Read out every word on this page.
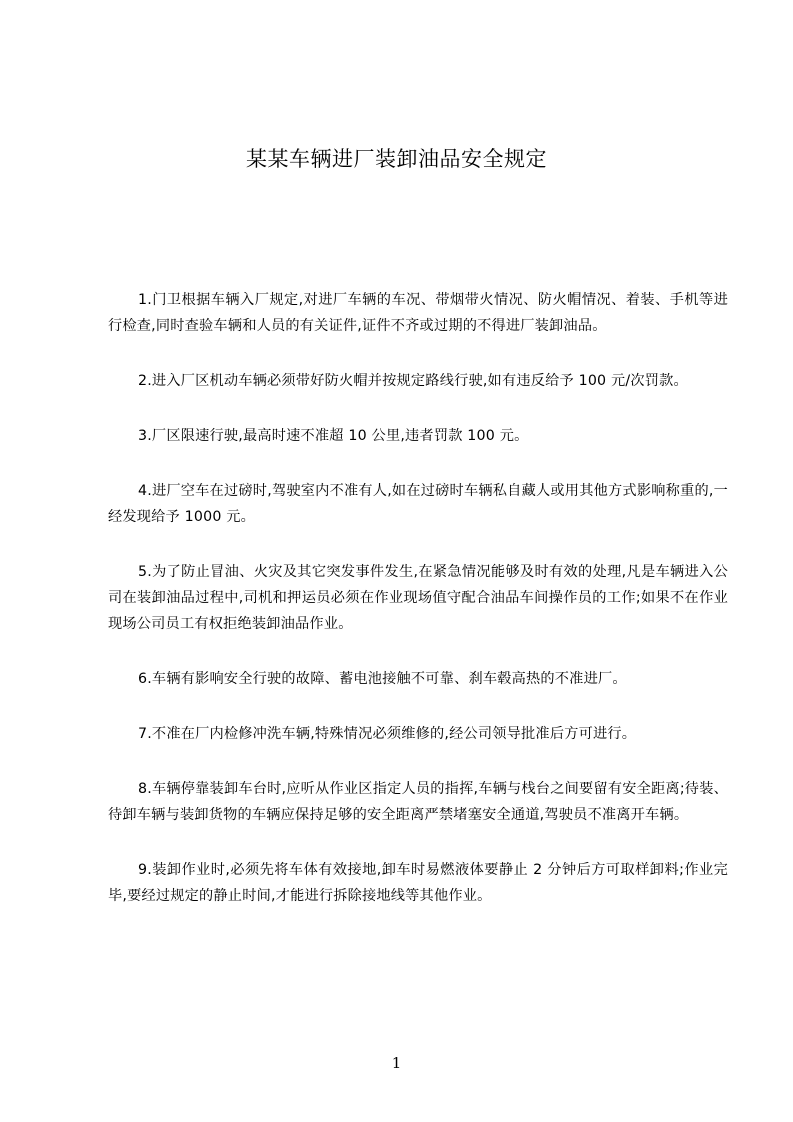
某某车辆进厂装卸油品安全规定

1.门卫根据车辆入厂规定,对进厂车辆的车况、带烟带火情况、防火帽情况、着装、手机等进行检查,同时查验车辆和人员的有关证件,证件不齐或过期的不得进厂装卸油品。

2.进入厂区机动车辆必须带好防火帽并按规定路线行驶,如有违反给予 100 元/次罚款。

3.厂区限速行驶,最高时速不准超 10 公里,违者罚款 100 元。

4.进厂空车在过磅时,驾驶室内不准有人,如在过磅时车辆私自藏人或用其他方式影响称重的,一经发现给予 1000 元。

5.为了防止冒油、火灾及其它突发事件发生,在紧急情况能够及时有效的处理,凡是车辆进入公司在装卸油品过程中,司机和押运员必须在作业现场值守配合油品车间操作员的工作;如果不在作业现场公司员工有权拒绝装卸油品作业。

6.车辆有影响安全行驶的故障、蓄电池接触不可靠、刹车毂高热的不准进厂。

7.不准在厂内检修冲洗车辆,特殊情况必须维修的,经公司领导批准后方可进行。

8.车辆停靠装卸车台时,应听从作业区指定人员的指挥,车辆与栈台之间要留有安全距离;待装、待卸车辆与装卸货物的车辆应保持足够的安全距离严禁堵塞安全通道,驾驶员不准离开车辆。

9.装卸作业时,必须先将车体有效接地,卸车时易燃液体要静止 2 分钟后方可取样卸料;作业完毕,要经过规定的静止时间,才能进行拆除接地线等其他作业。

1
